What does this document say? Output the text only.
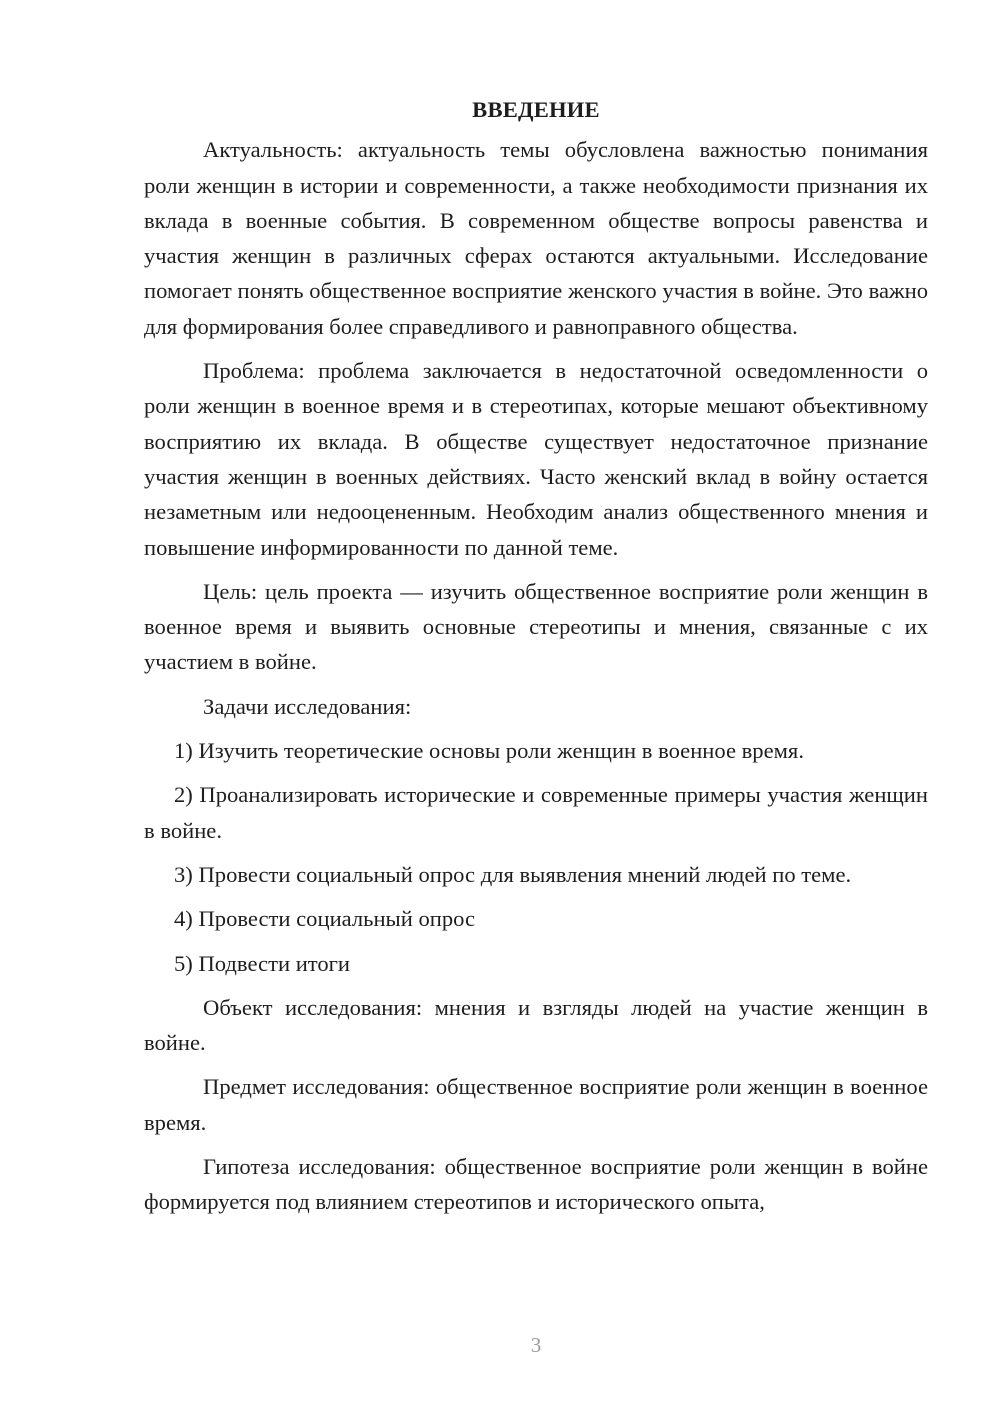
ВВЕДЕНИЕ

Актуальность: актуальность темы обусловлена важностью понимания роли женщин в истории и современности, а также необходимости признания их вклада в военные события. В современном обществе вопросы равенства и участия женщин в различных сферах остаются актуальными. Исследование помогает понять общественное восприятие женского участия в войне. Это важно для формирования более справедливого и равноправного общества.

Проблема: проблема заключается в недостаточной осведомленности о роли женщин в военное время и в стереотипах, которые мешают объективному восприятию их вклада. В обществе существует недостаточное признание участия женщин в военных действиях. Часто женский вклад в войну остается незаметным или недооцененным. Необходим анализ общественного мнения и повышение информированности по данной теме.

Цель: цель проекта — изучить общественное восприятие роли женщин в военное время и выявить основные стереотипы и мнения, связанные с их участием в войне.

Задачи исследования:

1) Изучить теоретические основы роли женщин в военное время.

2) Проанализировать исторические и современные примеры участия женщин в войне.

3) Провести социальный опрос для выявления мнений людей по теме.

4) Провести социальный опрос

5) Подвести итоги

Объект исследования: мнения и взгляды людей на участие женщин в войне.

Предмет исследования: общественное восприятие роли женщин в военное время.

Гипотеза исследования: общественное восприятие роли женщин в войне формируется под влиянием стереотипов и исторического опыта,

3
